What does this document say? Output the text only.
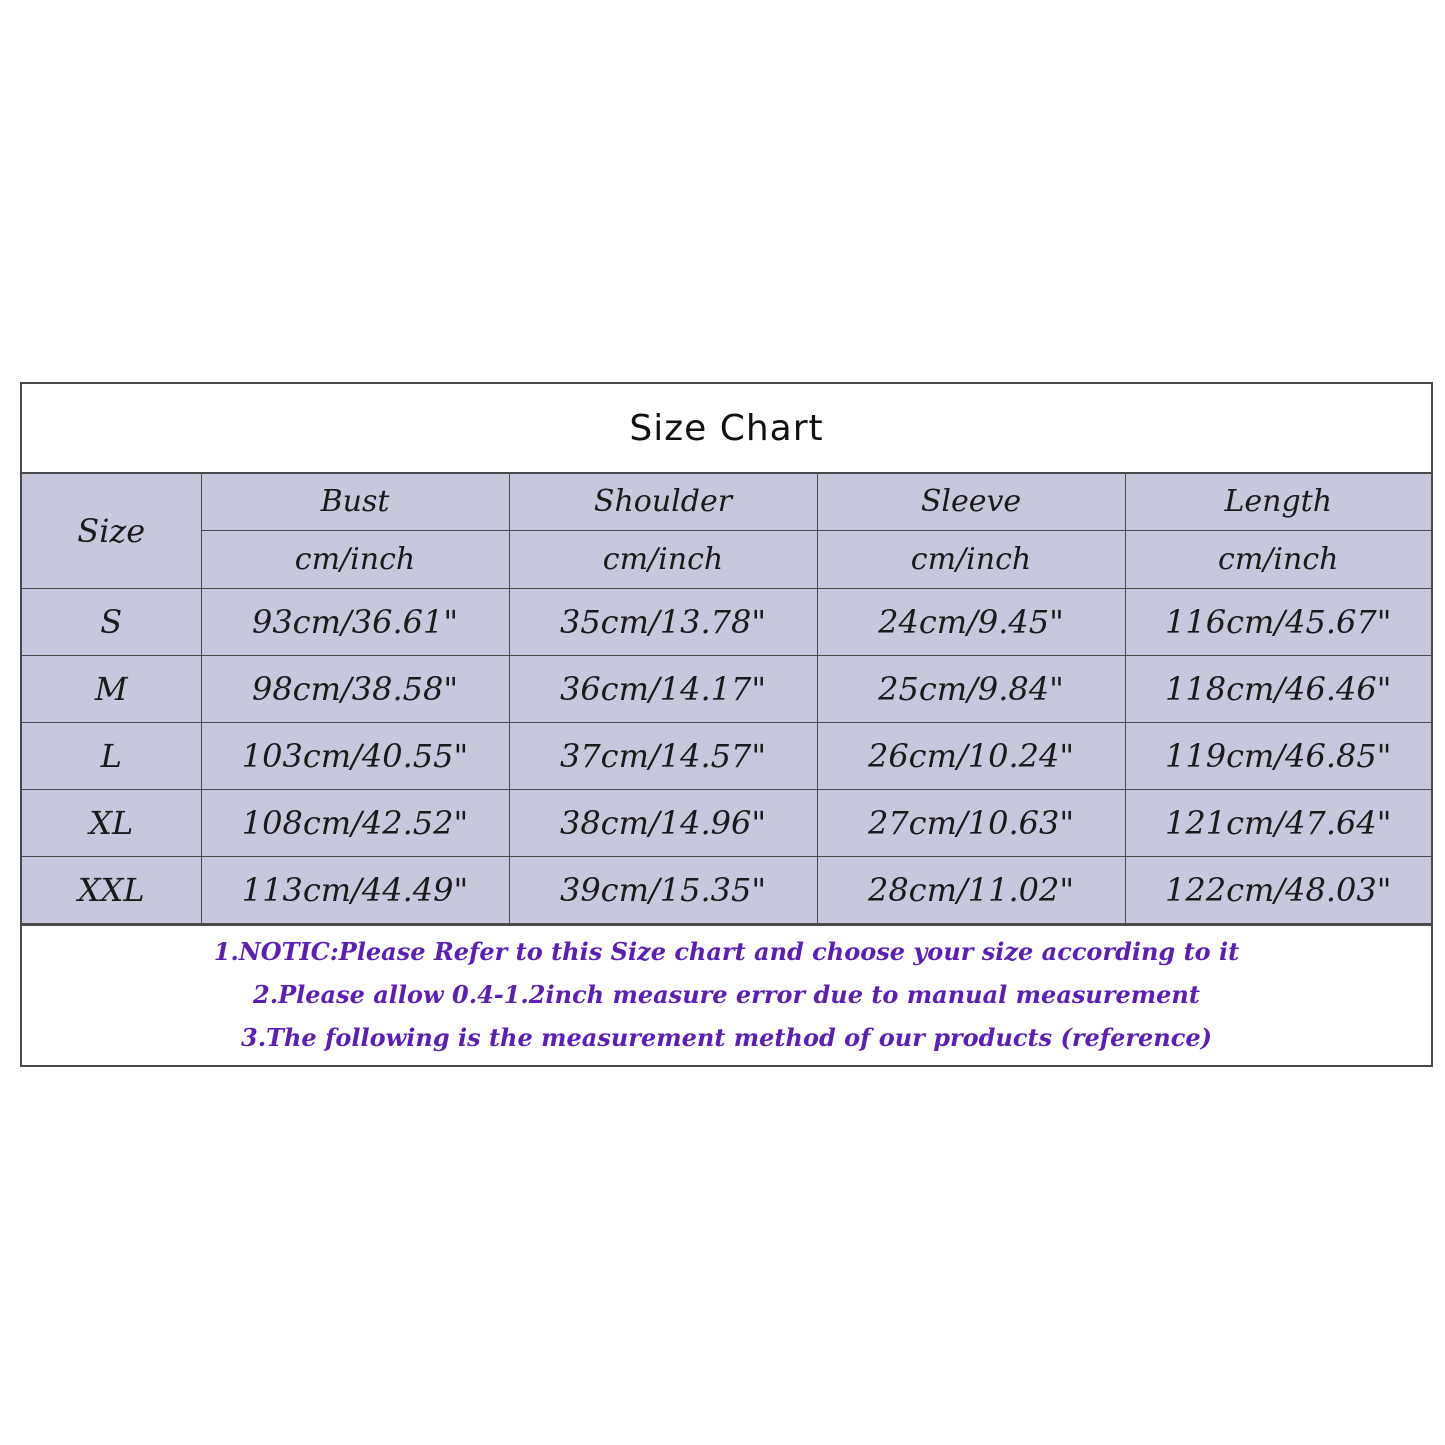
Size Chart
Size	Bust	Shoulder	Sleeve	Length
	cm/inch	cm/inch	cm/inch	cm/inch
S	93cm/36.61"	35cm/13.78"	24cm/9.45"	116cm/45.67"
M	98cm/38.58"	36cm/14.17"	25cm/9.84"	118cm/46.46"
L	103cm/40.55"	37cm/14.57"	26cm/10.24"	119cm/46.85"
XL	108cm/42.52"	38cm/14.96"	27cm/10.63"	121cm/47.64"
XXL	113cm/44.49"	39cm/15.35"	28cm/11.02"	122cm/48.03"
1.NOTIC:Please Refer to this Size chart and choose your size according to it
2.Please allow 0.4-1.2inch measure error due to manual measurement
3.The following is the measurement method of our products (reference)
